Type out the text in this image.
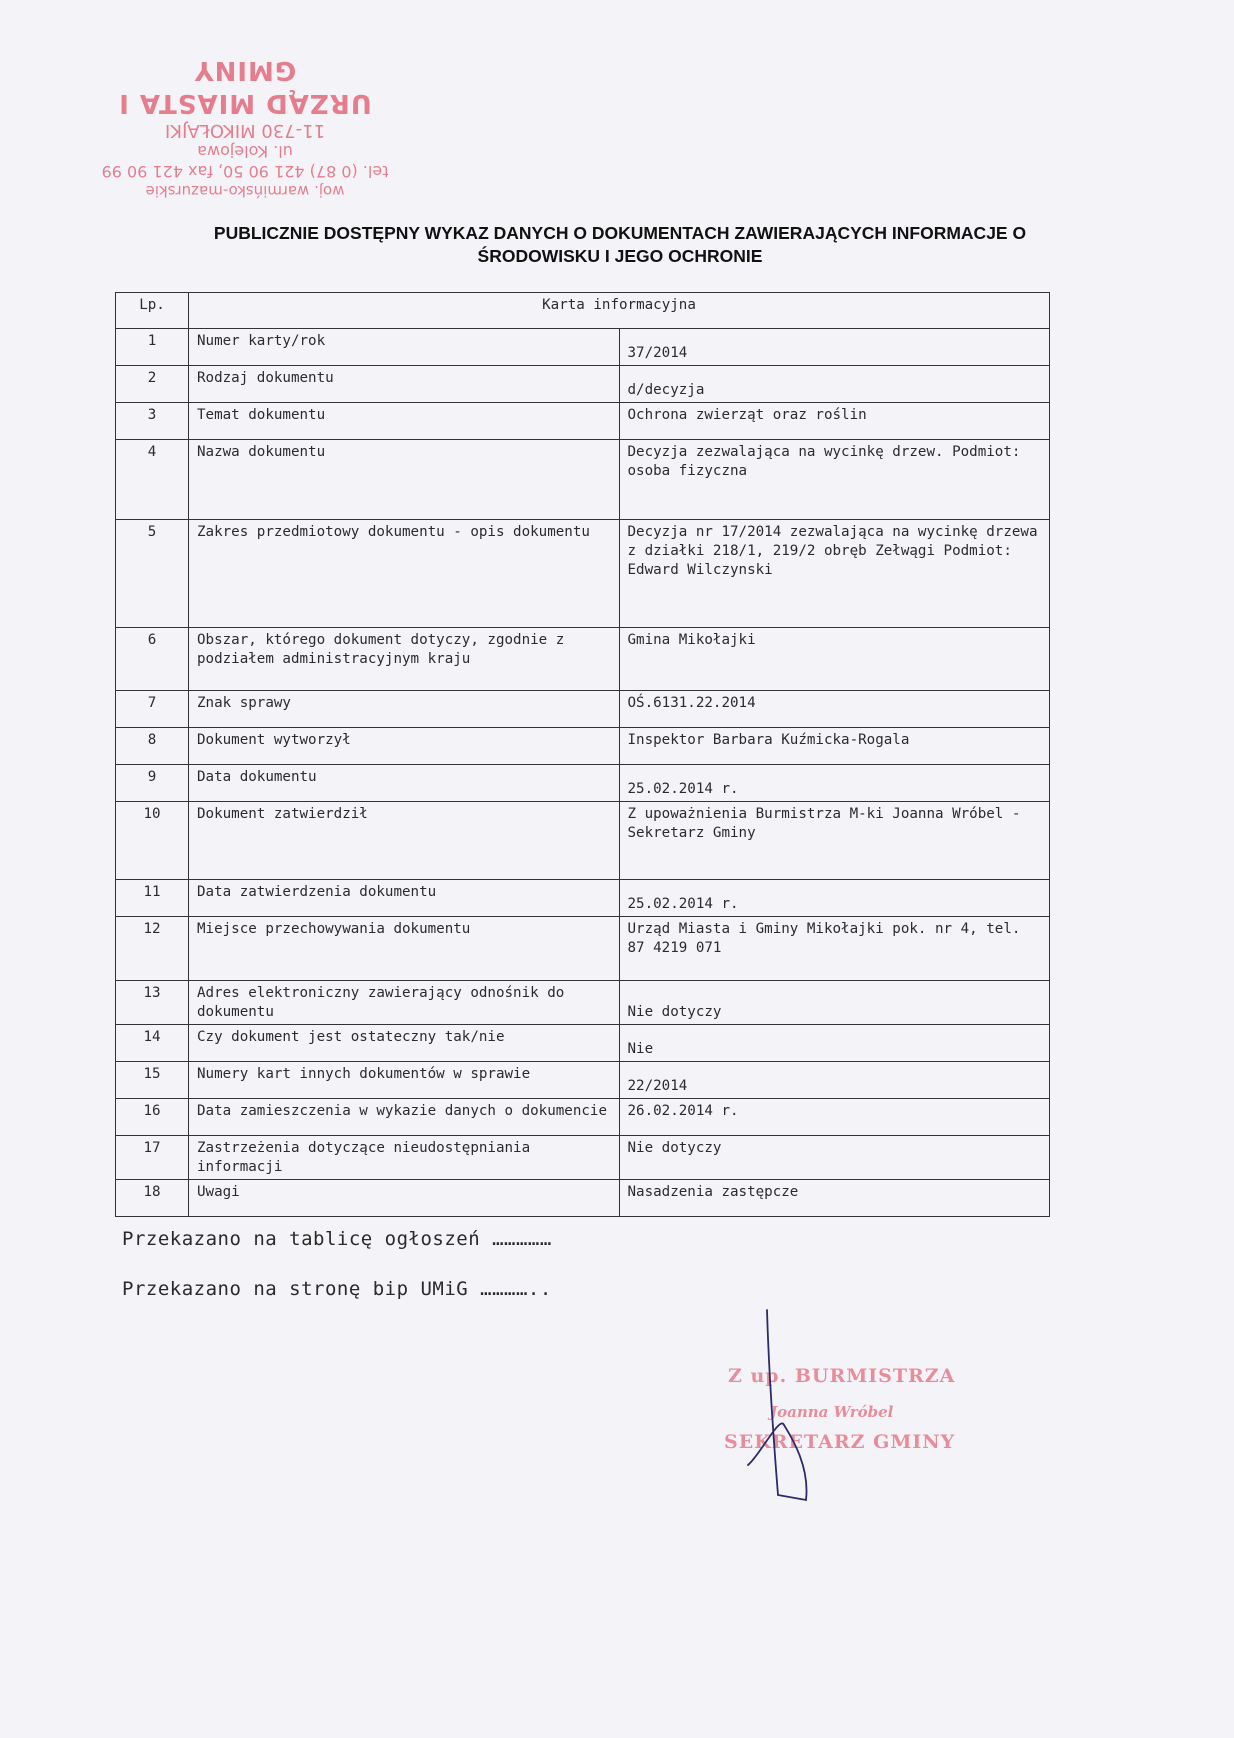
woj. warmińsko-mazurskie
tel. (0 87) 421 90 50, fax 421 90 99
ul. Kolejowa
11-730 MIKOŁAJKI
URZĄD MIASTA I GMINY
PUBLICZNIE DOSTĘPNY WYKAZ DANYCH O DOKUMENTACH ZAWIERAJĄCYCH INFORMACJE O
ŚRODOWISKU I JEGO OCHRONIE
Lp.	Karta informacyjna	
1	Numer karty/rok	37/2014
2	Rodzaj dokumentu	d/decyzja
3	Temat dokumentu	Ochrona zwierząt oraz roślin
4	Nazwa dokumentu	Decyzja zezwalająca na wycinkę drzew. Podmiot: osoba fizyczna
5	Zakres przedmiotowy dokumentu - opis dokumentu	Decyzja nr 17/2014 zezwalająca na wycinkę drzewa z działki 218/1, 219/2 obręb Zełwągi Podmiot: Edward Wilczynski
6	Obszar, którego dokument dotyczy, zgodnie z podziałem administracyjnym kraju	Gmina Mikołajki
7	Znak sprawy	OŚ.6131.22.2014
8	Dokument wytworzył	Inspektor Barbara Kuźmicka-Rogala
9	Data dokumentu	25.02.2014 r.
10	Dokument zatwierdził	Z upoważnienia Burmistrza M-ki Joanna Wróbel - Sekretarz Gminy
11	Data zatwierdzenia dokumentu	25.02.2014 r.
12	Miejsce przechowywania dokumentu	Urząd Miasta i Gminy Mikołajki pok. nr 4, tel. 87 4219 071
13	Adres elektroniczny zawierający odnośnik do dokumentu	Nie dotyczy
14	Czy dokument jest ostateczny tak/nie	Nie
15	Numery kart innych dokumentów w sprawie	22/2014
16	Data zamieszczenia w wykazie danych o dokumencie	26.02.2014 r.
17	Zastrzeżenia dotyczące nieudostępniania informacji	Nie dotyczy
18	Uwagi	Nasadzenia zastępcze
Przekazano na tablicę ogłoszeń ……………
Przekazano na stronę bip UMiG …………..
Z up. BURMISTRZA
Joanna Wróbel
SEKRETARZ GMINY
